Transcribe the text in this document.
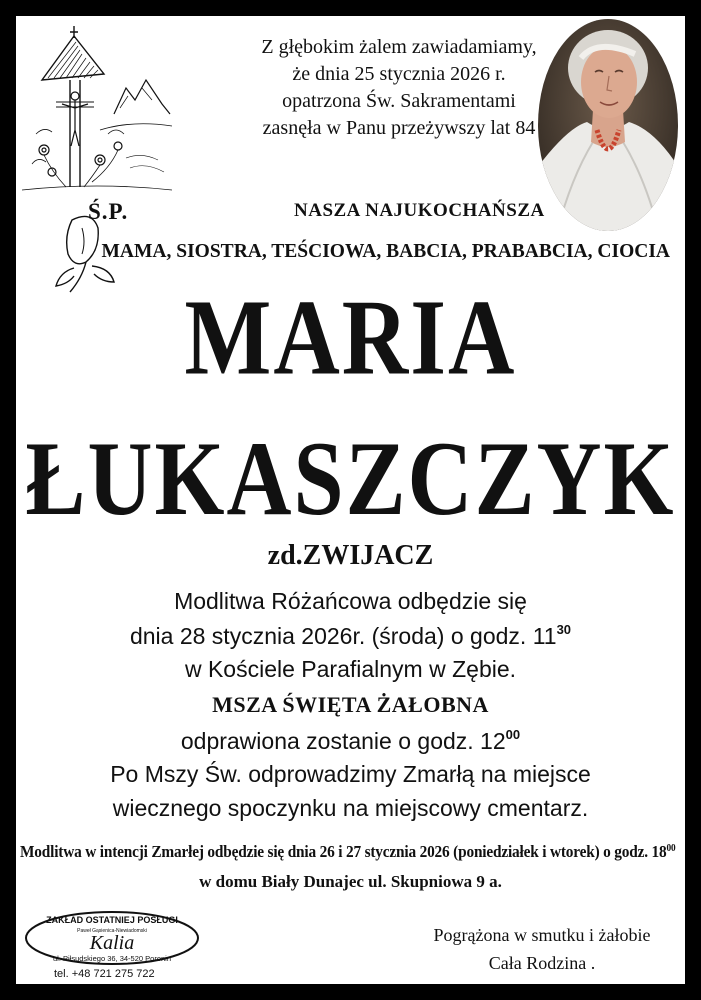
Z głębokim żalem zawiadamiamy,
że dnia 25 stycznia 2026 r.
opatrzona Św. Sakramentami
zasnęła w Panu przeżywszy lat 84
Ś.P.	NASZA NAJUKOCHAŃSZA
MAMA, SIOSTRA, TEŚCIOWA, BABCIA, PRABABCIA, CIOCIA
MARIA
ŁUKASZCZYK
zd.ZWIJACZ
Modlitwa Różańcowa odbędzie się
dnia 28 stycznia 2026r. (środa) o godz. $11^{30}$
w Kościele Parafialnym w Zębie.
MSZA ŚWIĘTA ŻAŁOBNA
odprawiona zostanie o godz. $12^{00}$
Po Mszy Św. odprowadzimy Zmarłą na miejsce
wiecznego spoczynku na miejscowy cmentarz.
Modlitwa w intencji Zmarłej odbędzie się dnia 26 i 27 stycznia 2026 (poniedziałek i wtorek) o godz. $18^{00}$
w domu Biały Dunajec ul. Skupniowa 9 a.
ZAKŁAD OSTATNIEJ POSŁUGI
Paweł Gąsienica-Niewiadomski
Kalia
ul. Piłsudskiego 36, 34-520 Poronin
tel. +48 721 275 722
Pogrążona w smutku i żałobie
Cała Rodzina .
